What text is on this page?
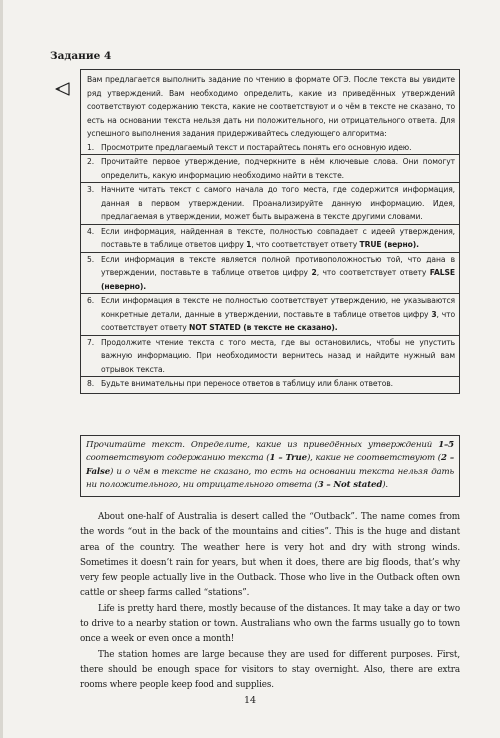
Задание 4

Вам предлагается выполнить задание по чтению в формате ОГЭ. После текста вы увидите ряд утверждений. Вам необходимо определить, какие из приведённых утверждений соответствуют содержанию текста, какие не соответствуют и о чём в тексте не сказано, то есть на основании текста нельзя дать ни положительного, ни отрицательного ответа. Для успешного выполнения задания придерживайтесь следующего алгоритма:

1. Просмотрите предлагаемый текст и постарайтесь понять его основную идею.
2. Прочитайте первое утверждение, подчеркните в нём ключевые слова. Они помогут определить, какую информацию необходимо найти в тексте.
3. Начните читать текст с самого начала до того места, где содержится информация, данная в первом утверждении. Проанализируйте данную информацию. Идея, предлагаемая в утверждении, может быть выражена в тексте другими словами.
4. Если информация, найденная в тексте, полностью совпадает с идеей утверждения, поставьте в таблице ответов цифру 1, что соответствует ответу TRUE (верно).
5. Если информация в тексте является полной противоположностью той, что дана в утверждении, поставьте в таблице ответов цифру 2, что соответствует ответу FALSE (неверно).
6. Если информация в тексте не полностью соответствует утверждению, не указываются конкретные детали, данные в утверждении, поставьте в таблице ответов цифру 3, что соответствует ответу NOT STATED (в тексте не сказано).
7. Продолжите чтение текста с того места, где вы остановились, чтобы не упустить важную информацию. При необходимости вернитесь назад и найдите нужный вам отрывок текста.
8. Будьте внимательны при переносе ответов в таблицу или бланк ответов.
Прочитайте текст. Определите, какие из приведённых утверждений 1–5 соответствуют содержанию текста (1 – True), какие не соответствуют (2 – False) и о чём в тексте не сказано, то есть на основании текста нельзя дать ни положительного, ни отрицательного ответа (3 – Not stated).

About one-half of Australia is desert called the “Outback”. The name comes from the words “out in the back of the mountains and cities”. This is the huge and distant area of the country. The weather here is very hot and dry with strong winds. Sometimes it doesn’t rain for years, but when it does, there are big floods, that’s why very few people actually live in the Outback. Those who live in the Outback often own cattle or sheep farms called “stations”.

Life is pretty hard there, mostly because of the distances. It may take a day or two to drive to a nearby station or town. Australians who own the farms usually go to town once a week or even once a month!

The station homes are large because they are used for different purposes. First, there should be enough space for visitors to stay overnight. Also, there are extra rooms where people keep food and supplies.

14
